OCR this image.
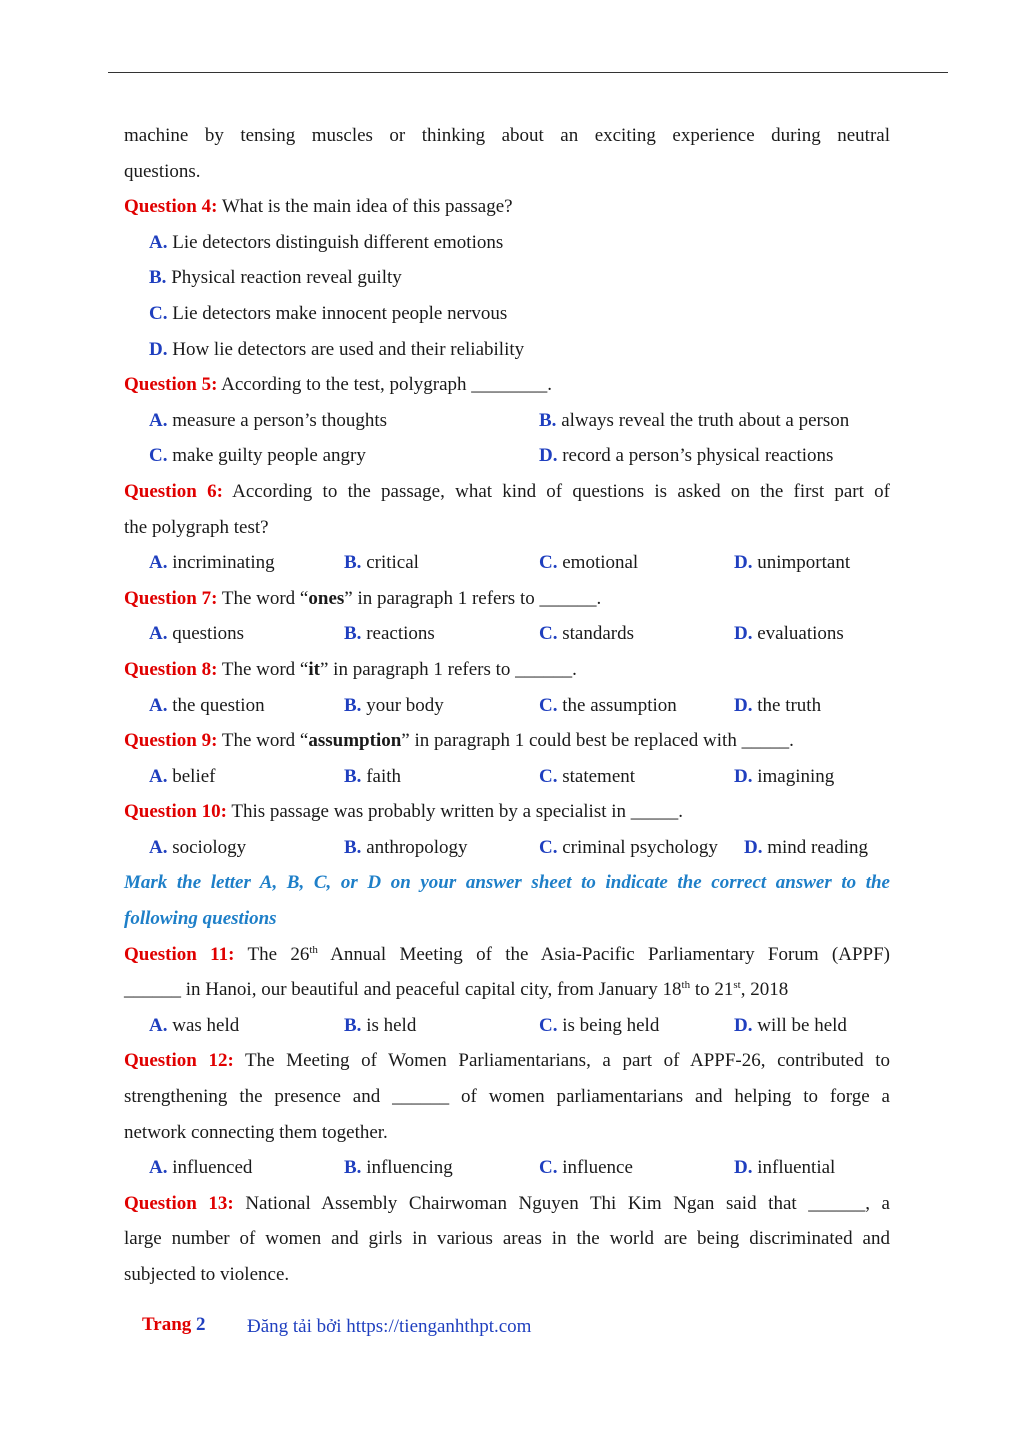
machine by tensing muscles or thinking about an exciting experience during neutral
questions.
Question 4: What is the main idea of this passage?
A. Lie detectors distinguish different emotions
B. Physical reaction reveal guilty
C. Lie detectors make innocent people nervous
D. How lie detectors are used and their reliability
Question 5: According to the test, polygraph ________.
A. measure a person’s thoughts	B. always reveal the truth about a person
C. make guilty people angry	D. record a person’s physical reactions
Question 6: According to the passage, what kind of questions is asked on the first part of
the polygraph test?
A. incriminating	B. critical	C. emotional	D. unimportant
Question 7: The word “ones” in paragraph 1 refers to ______.
A. questions	B. reactions	C. standards	D. evaluations
Question 8: The word “it” in paragraph 1 refers to ______.
A. the question	B. your body	C. the assumption	D. the truth
Question 9: The word “assumption” in paragraph 1 could best be replaced with _____.
A. belief	B. faith	C. statement	D. imagining
Question 10: This passage was probably written by a specialist in _____.
A. sociology	B. anthropology	C. criminal psychology D. mind reading
Mark the letter A, B, C, or D on your answer sheet to indicate the correct answer to the
following questions
Question 11: The 26th Annual Meeting of the Asia-Pacific Parliamentary Forum (APPF)
______ in Hanoi, our beautiful and peaceful capital city, from January 18th to 21st, 2018
A. was held	B. is held	C. is being held	D. will be held
Question 12: The Meeting of Women Parliamentarians, a part of APPF-26, contributed to
strengthening the presence and ______ of women parliamentarians and helping to forge a
network connecting them together.
A. influenced	B. influencing	C. influence	D. influential
Question 13: National Assembly Chairwoman Nguyen Thi Kim Ngan said that ______, a
large number of women and girls in various areas in the world are being discriminated and
subjected to violence.
Trang 2 Đăng tải bởi https://tienganhthpt.com
